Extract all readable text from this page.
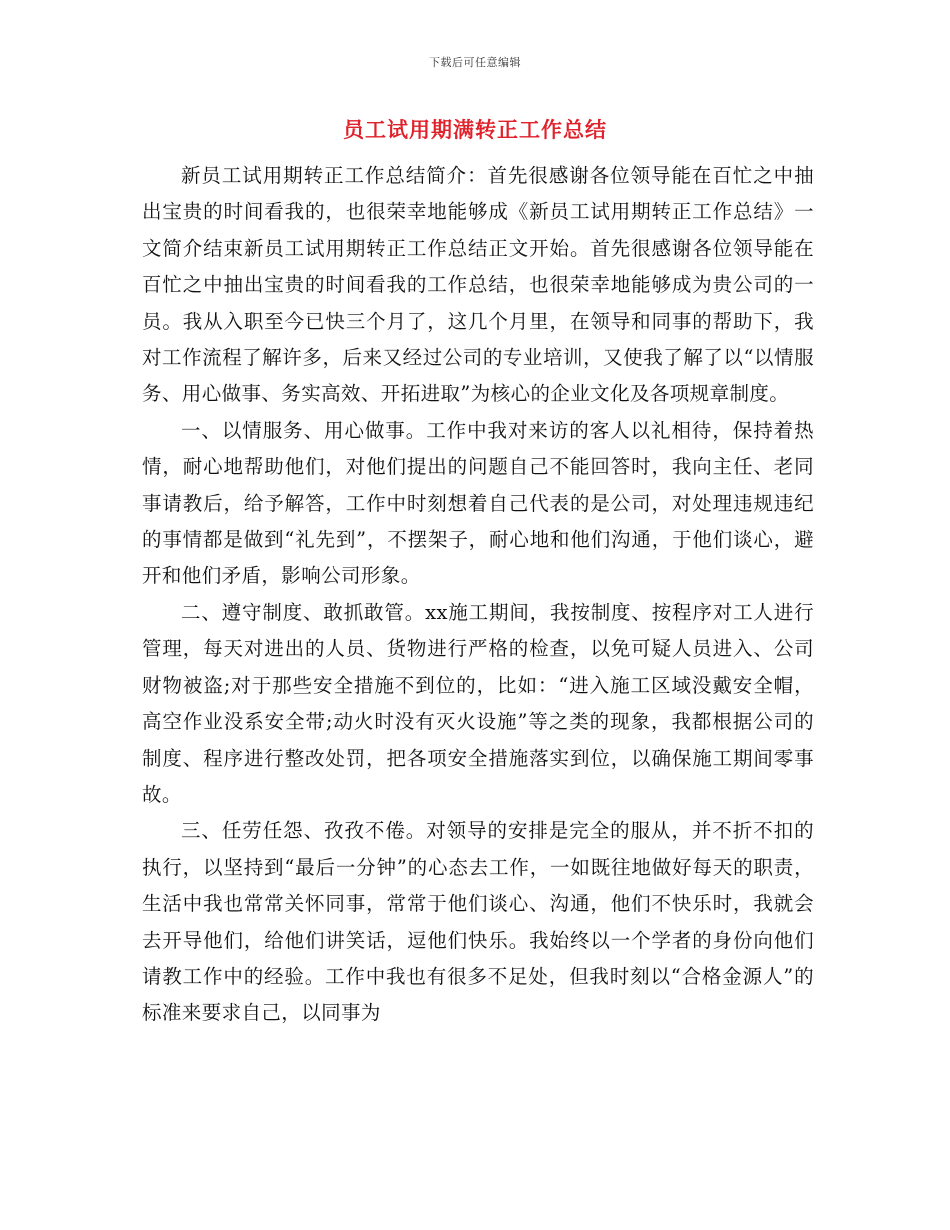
下载后可任意编辑
员工试用期满转正工作总结

新员工试用期转正工作总结简介：首先很感谢各位领导能在百忙之中抽出宝贵的时间看我的，也很荣幸地能够成《新员工试用期转正工作总结》一文简介结束新员工试用期转正工作总结正文开始。首先很感谢各位领导能在百忙之中抽出宝贵的时间看我的工作总结，也很荣幸地能够成为贵公司的一员。我从入职至今已快三个月了，这几个月里，在领导和同事的帮助下，我对工作流程了解许多，后来又经过公司的专业培训，又使我了解了以“以情服务、用心做事、务实高效、开拓进取”为核心的企业文化及各项规章制度。

一、以情服务、用心做事。工作中我对来访的客人以礼相待，保持着热情，耐心地帮助他们，对他们提出的问题自己不能回答时，我向主任、老同事请教后，给予解答，工作中时刻想着自己代表的是公司，对处理违规违纪的事情都是做到“礼先到”，不摆架子，耐心地和他们沟通，于他们谈心，避开和他们矛盾，影响公司形象。

二、遵守制度、敢抓敢管。xx施工期间，我按制度、按程序对工人进行管理，每天对进出的人员、货物进行严格的检查，以免可疑人员进入、公司财物被盗;对于那些安全措施不到位的，比如：“进入施工区域没戴安全帽，高空作业没系安全带;动火时没有灭火设施”等之类的现象，我都根据公司的制度、程序进行整改处罚，把各项安全措施落实到位，以确保施工期间零事故。

三、任劳任怨、孜孜不倦。对领导的安排是完全的服从，并不折不扣的执行，以坚持到“最后一分钟”的心态去工作，一如既往地做好每天的职责，生活中我也常常关怀同事，常常于他们谈心、沟通，他们不快乐时，我就会去开导他们，给他们讲笑话，逗他们快乐。我始终以一个学者的身份向他们请教工作中的经验。工作中我也有很多不足处，但我时刻以“合格金源人”的标准来要求自己，以同事为
